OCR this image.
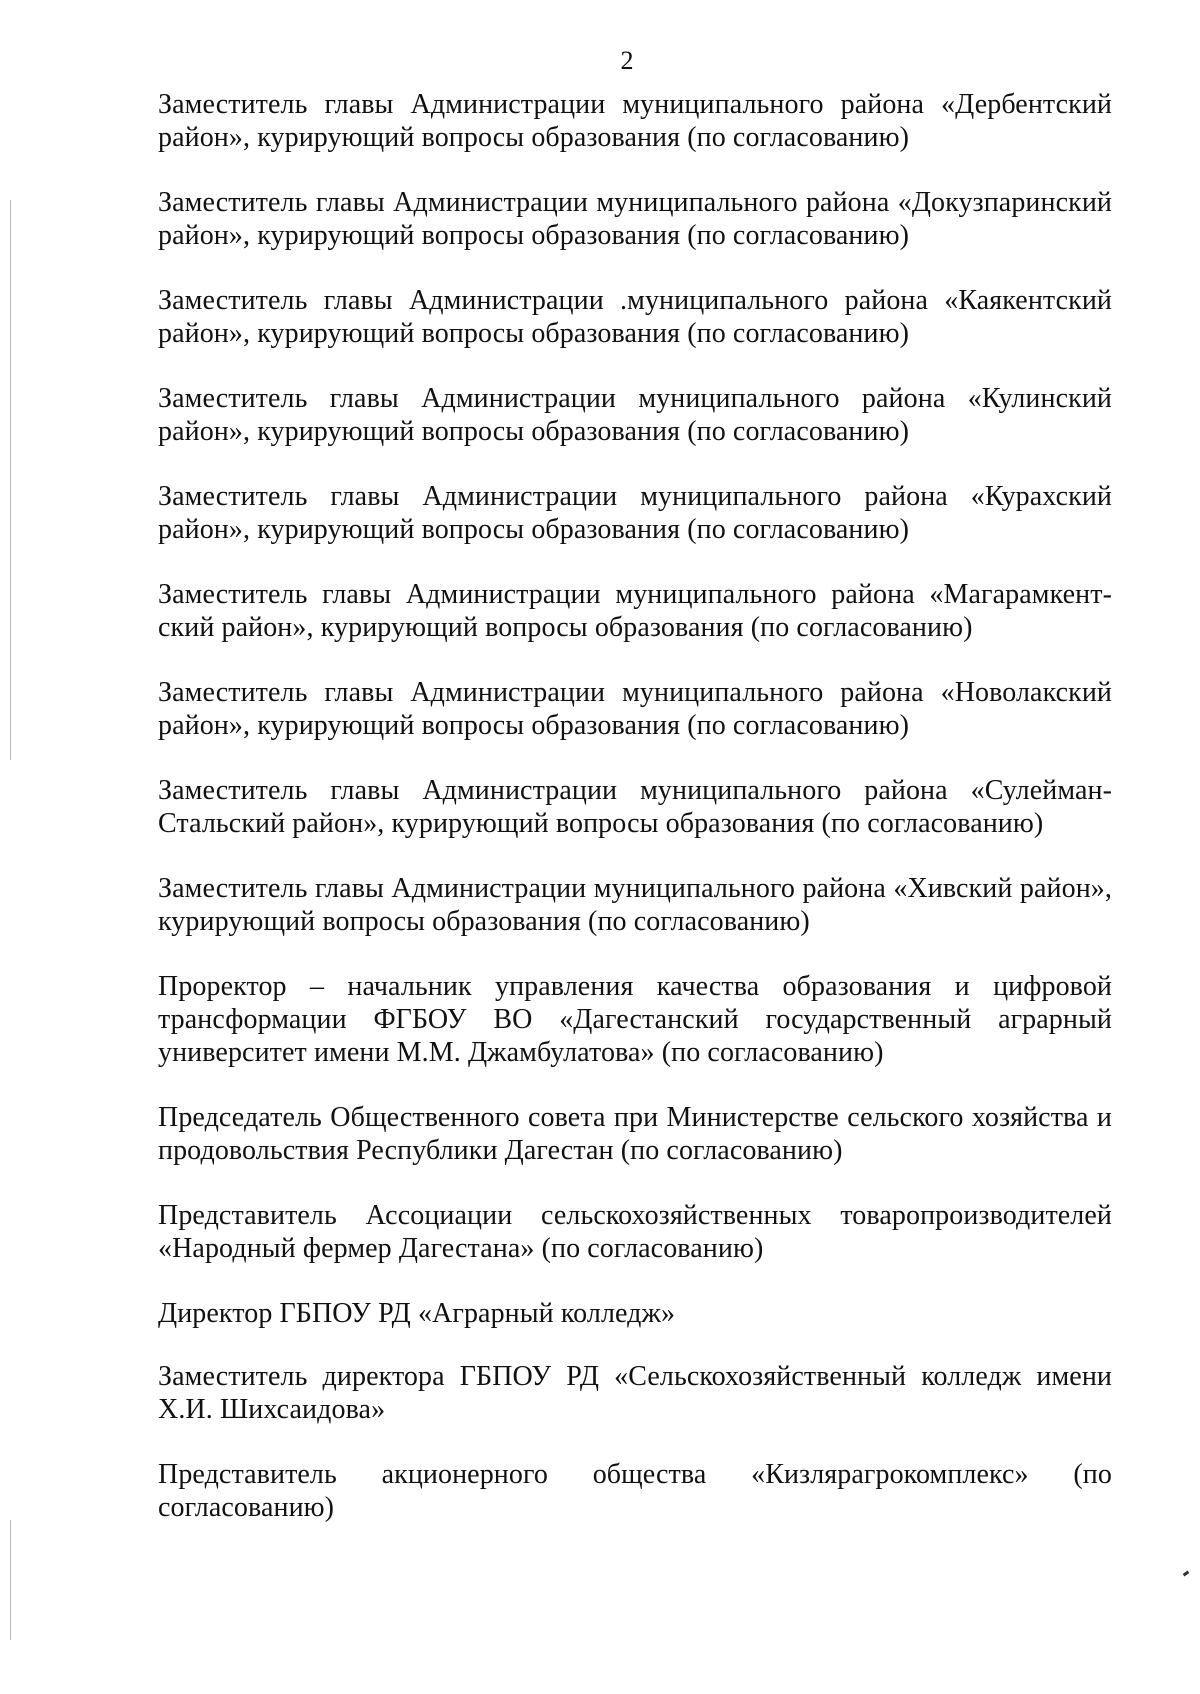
2

Заместитель главы Администрации муниципального района «Дербентский район», курирующий вопросы образования (по согласованию)

Заместитель главы Администрации муниципального района «Докузпаринский район», курирующий вопросы образования (по согласованию)

Заместитель главы Администрации .муниципального района «Каякентский район», курирующий вопросы образования (по согласованию)

Заместитель главы Администрации муниципального района «Кулинский район», курирующий вопросы образования (по согласованию)

Заместитель главы Администрации муниципального района «Курахский район», курирующий вопросы образования (по согласованию)

Заместитель главы Администрации муниципального района «Магарамкент-ский район», курирующий вопросы образования (по согласованию)

Заместитель главы Администрации муниципального района «Новолакский район», курирующий вопросы образования (по согласованию)

Заместитель главы Администрации муниципального района «Сулейман-Стальский район», курирующий вопросы образования (по согласованию)

Заместитель главы Администрации муниципального района «Хивский район», курирующий вопросы образования (по согласованию)

Проректор – начальник управления качества образования и цифровой трансформации ФГБОУ ВО «Дагестанский государственный аграрный университет имени М.М. Джамбулатова» (по согласованию)

Председатель Общественного совета при Министерстве сельского хозяйства и продовольствия Республики Дагестан (по согласованию)

Представитель Ассоциации сельскохозяйственных товаропроизводителей «Народный фермер Дагестана» (по согласованию)

Директор ГБПОУ РД «Аграрный колледж»

Заместитель директора ГБПОУ РД «Сельскохозяйственный колледж имени Х.И. Шихсаидова»

Представитель акционерного общества «Кизлярагрокомплекс» (по согласованию)
